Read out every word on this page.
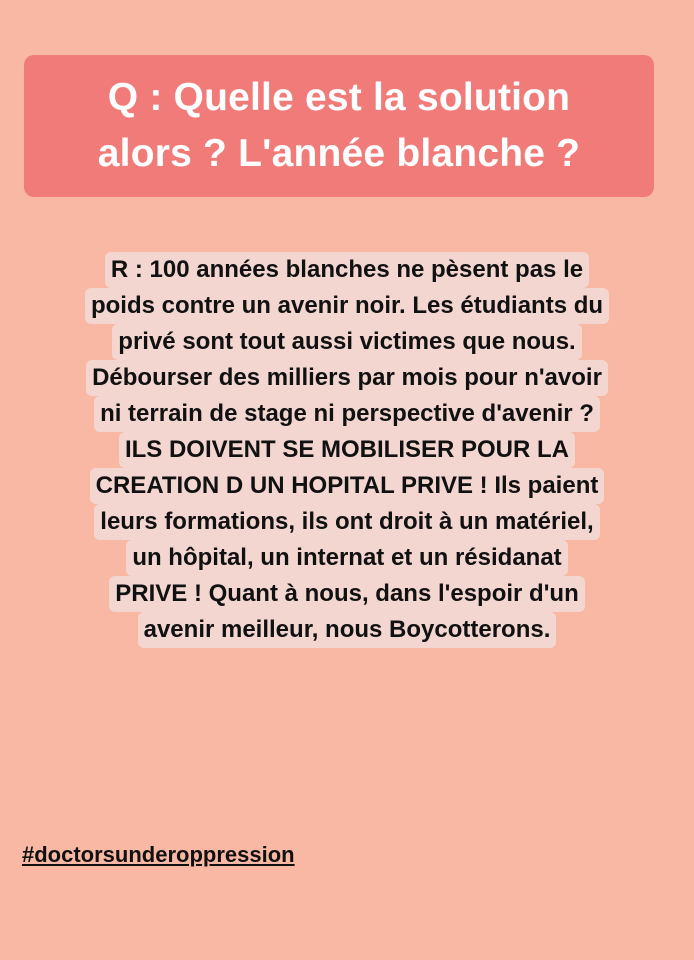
Q : Quelle est la solution
alors ? L'année blanche ?

R : 100 années blanches ne pèsent pas le
poids contre un avenir noir. Les étudiants du
privé sont tout aussi victimes que nous.
Débourser des milliers par mois pour n'avoir
ni terrain de stage ni perspective d'avenir ?
ILS DOIVENT SE MOBILISER POUR LA
CREATION D UN HOPITAL PRIVE ! Ils paient
leurs formations, ils ont droit à un matériel,
un hôpital, un internat et un résidanat
PRIVE ! Quant à nous, dans l'espoir d'un
avenir meilleur, nous Boycotterons.

#doctorsunderoppression
